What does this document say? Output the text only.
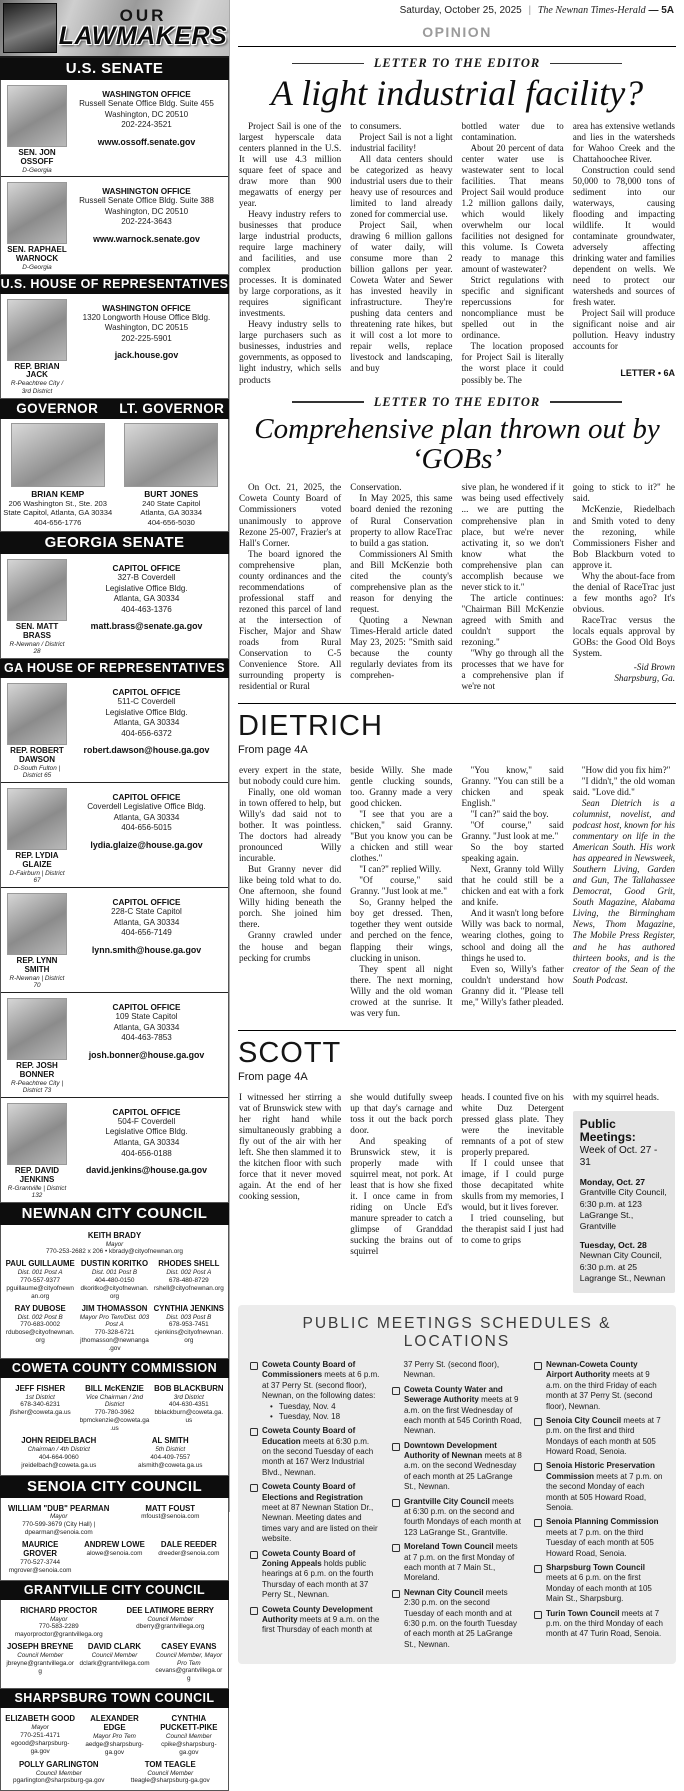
OUR
LAWMAKERS
U.S. SENATE
SEN. JON OSSOFF
D-Georgia
WASHINGTON OFFICE
Russell Senate Office Bldg. Suite 455
Washington, DC 20510
202-224-3521
www.ossoff.senate.gov
SEN. RAPHAEL WARNOCK
D-Georgia
WASHINGTON OFFICE
Russell Senate Office Bldg. Suite 388
Washington, DC 20510
202-224-3643
www.warnock.senate.gov
U.S. HOUSE OF REPRESENTATIVES
REP. BRIAN JACK
R-Peachtree City / 3rd District
WASHINGTON OFFICE
1320 Longworth House Office Bldg.
Washington, DC 20515
202-225-5901
jack.house.gov
GOVERNOR	LT. GOVERNOR
BRIAN KEMP
206 Washington St., Ste. 203
State Capitol, Atlanta, GA 30334
404-656-1776
BURT JONES
240 State Capitol
Atlanta, GA 30334
404-656-5030
GEORGIA SENATE
SEN. MATT BRASS
R-Newnan / District 28
CAPITOL OFFICE
327-B Coverdell
Legislative Office Bldg.
Atlanta, GA 30334
404-463-1376
matt.brass@senate.ga.gov
GA HOUSE OF REPRESENTATIVES
REP. ROBERT DAWSON
D-South Fulton | District 65
CAPITOL OFFICE
511-C Coverdell
Legislative Office Bldg.
Atlanta, GA 30334
404-656-6372
robert.dawson@house.ga.gov
REP. LYDIA GLAIZE
D-Fairburn | District 67
CAPITOL OFFICE
Coverdell Legislative Office Bldg.
Atlanta, GA 30334
404-656-5015
lydia.glaize@house.ga.gov
REP. LYNN SMITH
R-Newnan | District 70
CAPITOL OFFICE
228-C State Capitol
Atlanta, GA 30334
404-656-7149
lynn.smith@house.ga.gov
REP. JOSH BONNER
R-Peachtree City | District 73
CAPITOL OFFICE
109 State Capitol
Atlanta, GA 30334
404-463-7853
josh.bonner@house.ga.gov
REP. DAVID JENKINS
R-Grantville | District 132
CAPITOL OFFICE
504-F Coverdell
Legislative Office Bldg.
Atlanta, GA 30334
404-656-0188
david.jenkins@house.ga.gov
NEWNAN CITY COUNCIL
KEITH BRADY
Mayor
770-253-2682 x 206 • kbrady@cityofnewnan.org
PAUL GUILLAUME
Dist. 001 Post A
770-557-9377
pguillaume@cityofnewnan.org
DUSTIN KORITKO
Dist. 001 Post B
404-480-0150
dkoritko@cityofnewnan.org
RHODES SHELL
Dist. 002 Post A
678-480-8729
rshell@cityofnewnan.org
RAY DUBOSE
Dist. 002 Post B
770-683-0002
rdubose@cityofnewnan.org
JIM THOMASSON
Mayor Pro Tem/Dist. 003 Post A
770-328-6721
jthomasson@newnanga.gov
CYNTHIA JENKINS
Dist. 003 Post B
678-953-7451
cjenkins@cityofnewnan.org
COWETA COUNTY COMMISSION
JEFF FISHER
1st District
678-340-6231
jfisher@coweta.ga.us
BILL McKENZIE
Vice Chairman / 2nd District
770-780-3962
bpmckenzie@coweta.ga.us
BOB BLACKBURN
3rd District
404-630-4351
bblackburn@coweta.ga.us
JOHN REIDELBACH
Chairman / 4th District
404-664-9060
jreidelbach@coweta.ga.us
AL SMITH
5th District
404-409-7557
alsmith@coweta.ga.us
SENOIA CITY COUNCIL
WILLIAM "DUB" PEARMAN
Mayor
770-599-3679 (City Hall) | dpearman@senoia.com
MATT FOUST
mfoust@senoia.com
MAURICE GROVER
770-527-3744
mgrover@senoia.com
ANDREW LOWE
alowe@senoia.com
DALE REEDER
dreeder@senoia.com
GRANTVILLE CITY COUNCIL
RICHARD PROCTOR
Mayor
770-583-2289
mayorproctor@grantvillega.org
DEE LATIMORE BERRY
Council Member
dberry@grantvillega.org
JOSEPH BREYNE
Council Member
jbreyne@grantvillega.org
DAVID CLARK
Council Member
dclark@grantvillega.com
CASEY EVANS
Council Member, Mayor Pro Tem
cevans@grantvillega.org
SHARPSBURG TOWN COUNCIL
ELIZABETH GOOD
Mayor
770-251-4171
egood@sharpsburg-ga.gov
ALEXANDER EDGE
Mayor Pro Tem
aedge@sharpsburg-ga.gov
CYNTHIA PUCKETT-PIKE
Council Member
cpike@sharpsburg-ga.gov
POLLY GARLINGTON
Council Member
pgarlington@sharpsburg-ga.gov
TOM TEAGLE
Council Member
tteagle@sharpsburg-ga.gov
Saturday, October 25, 2025 | The Newnan Times-Herald — 5A
OPINION
LETTER TO THE EDITOR
A light industrial facility?

Project Sail is one of the largest hyperscale data centers planned in the U.S. It will use 4.3 million square feet of space and draw more than 900 megawatts of energy per year.

Heavy industry refers to businesses that produce large industrial products, require large machinery and facilities, and use complex production processes. It is dominated by large corporations, as it requires significant investments.

Heavy industry sells to large purchasers such as businesses, industries and governments, as opposed to light industry, which sells products

to consumers.

Project Sail is not a light industrial facility!

All data centers should be categorized as heavy industrial users due to their heavy use of resources and limited to land already zoned for commercial use.

Project Sail, when drawing 6 million gallons of water daily, will consume more than 2 billion gallons per year. Coweta Water and Sewer has invested heavily in infrastructure. They're pushing data centers and threatening rate hikes, but it will cost a lot more to repair wells, replace livestock and landscaping, and buy

bottled water due to contamination.

About 20 percent of data center water use is wastewater sent to local facilities. That means Project Sail would produce 1.2 million gallons daily, which would likely overwhelm our local facilities not designed for this volume. Is Coweta ready to manage this amount of wastewater?

Strict regulations with specific and significant repercussions for noncompliance must be spelled out in the ordinance.

The location proposed for Project Sail is literally the worst place it could possibly be. The

area has extensive wetlands and lies in the watersheds for Wahoo Creek and the Chattahoochee River.

Construction could send 50,000 to 78,000 tons of sediment into our waterways, causing flooding and impacting wildlife. It would contaminate groundwater, adversely affecting drinking water and families dependent on wells. We need to protect our watersheds and sources of fresh water.

Project Sail will produce significant noise and air pollution. Heavy industry accounts for

LETTER • 6A
LETTER TO THE EDITOR
Comprehensive plan thrown out by ‘GOBs’

On Oct. 21, 2025, the Coweta County Board of Commissioners voted unanimously to approve Rezone 25-007, Frazier's at Hall's Corner.

The board ignored the comprehensive plan, county ordinances and the recommendations of professional staff and rezoned this parcel of land at the intersection of Fischer, Major and Shaw roads from Rural Conservation to C-5 Convenience Store. All surrounding property is residential or Rural

Conservation.

In May 2025, this same board denied the rezoning of Rural Conservation property to allow RaceTrac to build a gas station.

Commissioners Al Smith and Bill McKenzie both cited the county's comprehensive plan as the reason for denying the request.

Quoting a Newnan Times-Herald article dated May 23, 2025: "Smith said because the county regularly deviates from its comprehen-

sive plan, he wondered if it was being used effectively ... we are putting the comprehensive plan in place, but we're never activating it, so we don't know what the comprehensive plan can accomplish because we never stick to it."

The article continues: "Chairman Bill McKenzie agreed with Smith and couldn't support the rezoning."

"Why go through all the processes that we have for a comprehensive plan if we're not

going to stick to it?" he said.

McKenzie, Riedelbach and Smith voted to deny the rezoning, while Commissioners Fisher and Bob Blackburn voted to approve it.

Why the about-face from the denial of RaceTrac just a few months ago? It's obvious.

RaceTrac versus the locals equals approval by GOBs: the Good Old Boys System.

-Sid Brown
Sharpsburg, Ga.
DIETRICH
From page 4A

every expert in the state, but nobody could cure him.

Finally, one old woman in town offered to help, but Willy's dad said not to bother. It was pointless. The doctors had already pronounced Willy incurable.

But Granny never did like being told what to do. One afternoon, she found Willy hiding beneath the porch. She joined him there.

Granny crawled under the house and began pecking for crumbs

beside Willy. She made gentle clucking sounds, too. Granny made a very good chicken.

"I see that you are a chicken," said Granny. "But you know you can be a chicken and still wear clothes."

"I can?" replied Willy.

"Of course," said Granny. "Just look at me."

So, Granny helped the boy get dressed. Then, together they went outside and perched on the fence, flapping their wings, clucking in unison.

They spent all night there. The next morning, Willy and the old woman crowed at the sunrise. It was very fun.

"You know," said Granny. "You can still be a chicken and speak English."

"I can?" said the boy.

"Of course," said Granny. "Just look at me."

So the boy started speaking again.

Next, Granny told Willy that he could still be a chicken and eat with a fork and knife.

And it wasn't long before Willy was back to normal, wearing clothes, going to school and doing all the things he used to.

Even so, Willy's father couldn't understand how Granny did it. "Please tell me," Willy's father pleaded.

"How did you fix him?"

"I didn't," the old woman said. "Love did."

Sean Dietrich is a columnist, novelist, and podcast host, known for his commentary on life in the American South. His work has appeared in Newsweek, Southern Living, Garden and Gun, The Tallahassee Democrat, Good Grit, South Magazine, Alabama Living, the Birmingham News, Thom Magazine, The Mobile Press Register, and he has authored thirteen books, and is the creator of the Sean of the South Podcast.

SCOTT
From page 4A

I witnessed her stirring a vat of Brunswick stew with her right hand while simultaneously grabbing a fly out of the air with her left. She then slammed it to the kitchen floor with such force that it never moved again. At the end of her cooking session,

she would dutifully sweep up that day's carnage and toss it out the back porch door.

And speaking of Brunswick stew, it is properly made with squirrel meat, not pork. At least that is how she fixed it. I once came in from riding on Uncle Ed's manure spreader to catch a glimpse of Granddad sucking the brains out of squirrel

heads. I counted five on his white Duz Detergent pressed glass plate. They were the inevitable remnants of a pot of stew properly prepared.

If I could unsee that image, if I could purge those decapitated white skulls from my memories, I would, but it lives forever.

I tried counseling, but the therapist said I just had to come to grips

with my squirrel heads.

Public Meetings:
Week of Oct. 27 - 31
Monday, Oct. 27
Grantville City Council, 6:30 p.m. at 123 LaGrange St., Grantville
Tuesday, Oct. 28
Newnan City Council, 6:30 p.m. at 25 Lagrange St., Newnan
PUBLIC MEETINGS SCHEDULES & LOCATIONS
Coweta County Board of Commissioners meets at 6 p.m. at 37 Perry St. (second floor), Newnan, on the following dates:
• Tuesday, Nov. 4
• Tuesday, Nov. 18
Coweta County Board of Education meets at 6:30 p.m. on the second Tuesday of each month at 167 Werz Industrial Blvd., Newnan.
Coweta County Board of Elections and Registration meet at 87 Newnan Station Dr., Newnan. Meeting dates and times vary and are listed on their website.
Coweta County Board of Zoning Appeals holds public hearings at 6 p.m. on the fourth Thursday of each month at 37 Perry St., Newnan.
Coweta County Development Authority meets at 9 a.m. on the first Thursday of each month at
37 Perry St. (second floor), Newnan.
Coweta County Water and Sewerage Authority meets at 9 a.m. on the first Wednesday of each month at 545 Corinth Road, Newnan.
Downtown Development Authority of Newnan meets at 8 a.m. on the second Wednesday of each month at 25 LaGrange St., Newnan.
Grantville City Council meets at 6:30 p.m. on the second and fourth Mondays of each month at 123 LaGrange St., Grantville.
Moreland Town Council meets at 7 p.m. on the first Monday of each month at 7 Main St., Moreland.
Newnan City Council meets 2:30 p.m. on the second Tuesday of each month and at 6:30 p.m. on the fourth Tuesday of each month at 25 LaGrange St., Newnan.
Newnan-Coweta County Airport Authority meets at 9 a.m. on the third Friday of each month at 37 Perry St. (second floor), Newnan.
Senoia City Council meets at 7 p.m. on the first and third Mondays of each month at 505 Howard Road, Senoia.
Senoia Historic Preservation Commission meets at 7 p.m. on the second Monday of each month at 505 Howard Road, Senoia.
Senoia Planning Commission meets at 7 p.m. on the third Tuesday of each month at 505 Howard Road, Senoia.
Sharpsburg Town Council meets at 6 p.m. on the first Monday of each month at 105 Main St., Sharpsburg.
Turin Town Council meets at 7 p.m. on the third Monday of each month at 47 Turin Road, Senoia.
